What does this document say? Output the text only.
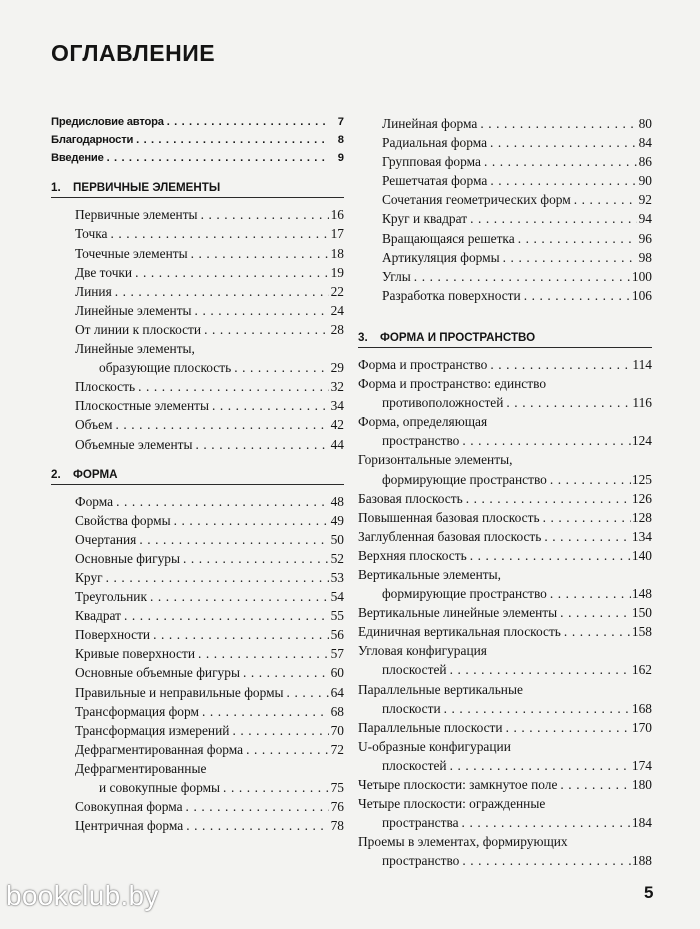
ОГЛАВЛЕНИЕ
Предисловие автора . . .	7
Благодарности . . .	8
Введение . . .	9
1. ПЕРВИЧНЫЕ ЭЛЕМЕНТЫ
Первичные элементы . . .	16
Точка . . .	17
Точечные элементы . . .	18
Две точки . . .	19
Линия . . .	22
Линейные элементы . . .	24
От линии к плоскости . . .	28
Линейные элементы,
образующие плоскость . . .	29
Плоскость . . .	32
Плоскостные элементы . . .	34
Объем . . .	42
Объемные элементы . . .	44
2. ФОРМА
Форма . . .	48
Свойства формы . . .	49
Очертания . . .	50
Основные фигуры . . .	52
Круг . . .	53
Треугольник . . .	54
Квадрат . . .	55
Поверхности . . .	56
Кривые поверхности . . .	57
Основные объемные фигуры . . .	60
Правильные и неправильные формы . . .	64
Трансформация форм . . .	68
Трансформация измерений . . .	70
Дефрагментированная форма . . .	72
Дефрагментированные
и совокупные формы . . .	75
Совокупная форма . . .	76
Центричная форма . . .	78
Линейная форма . . .	80
Радиальная форма . . .	84
Групповая форма . . .	86
Решетчатая форма . . .	90
Сочетания геометрических форм . . .	92
Круг и квадрат . . .	94
Вращающаяся решетка . . .	96
Артикуляция формы . . .	98
Углы . . .	100
Разработка поверхности . . .	106
3. ФОРМА И ПРОСТРАНСТВО
Форма и пространство . . .	114
Форма и пространство: единство
противоположностей . . .	116
Форма, определяющая
пространство . . .	124
Горизонтальные элементы,
формирующие пространство . . .	125
Базовая плоскость . . .	126
Повышенная базовая плоскость . . .	128
Заглубленная базовая плоскость . . .	134
Верхняя плоскость . . .	140
Вертикальные элементы,
формирующие пространство . . .	148
Вертикальные линейные элементы . . .	150
Единичная вертикальная плоскость . . .	158
Угловая конфигурация
плоскостей . . .	162
Параллельные вертикальные
плоскости . . .	168
Параллельные плоскости . . .	170
U-образные конфигурации
плоскостей . . .	174
Четыре плоскости: замкнутое поле . . .	180
Четыре плоскости: огражденные
пространства . . .	184
Проемы в элементах, формирующих
пространство . . .	188
5
bookclub.by
